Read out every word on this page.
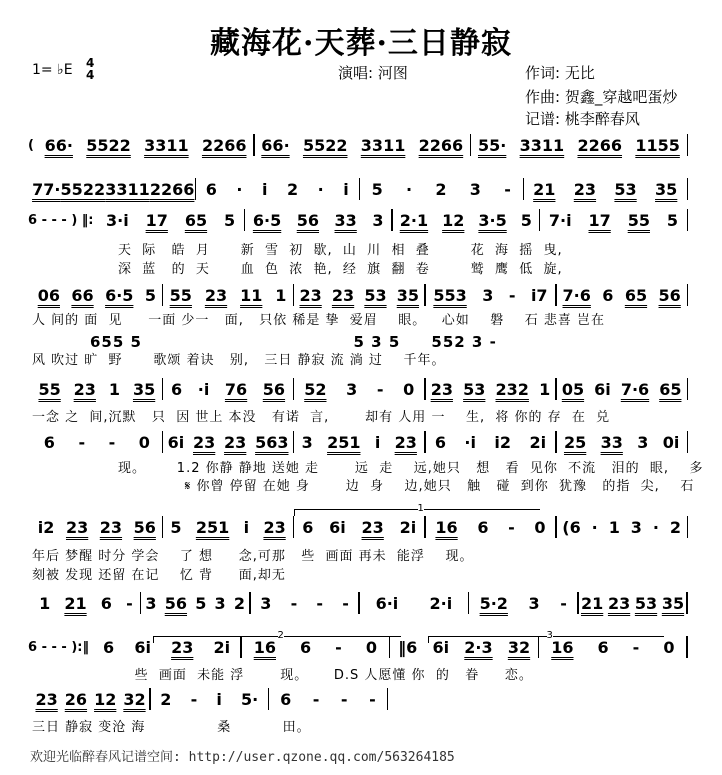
藏海花·天葬·三日静寂
1= ♭E 4
4	演唱: 河图	作词: 无比
作曲: 贺鑫_穿越吧蛋炒
记谱: 桃李醉春风
1
2	3
( 66· 5522 3311 2266 66· 5522 3311 2266 55· 3311 2266 1155
77· 5522 3311 2266 6 · i 2 · i 5 · 2 3 - 21 23 53 35
6 - - - ) ‖: 3·i 17 65 5 6·5 56 33 3 2·1 12 3·5 5 7·i 17 55 5
天  际   皓  月      新  雪  初  歇,  山  川  相  叠        花  海  摇  曳,
深  蓝   的  天      血  色  浓  艳,  经  旗  翻  卷        鹫  鹰  低  旋,
06 66 6·5 5 55 23 11 1 23 23 53 35 553 3 - i7 7·6 6 65 56
人 间的 面  见     一面 少一   面,   只依 稀是 挚  爱眉    眼。   心如    磐    石 悲喜 岂在
655 5                                  5 3 5     552 3 -
风 吹过 旷  野      歌颂 着诀   别,   三日 静寂 流 淌 过    千年。
55 23 1 35 6 ·i 76 56 52 3 - 0 23 53 232 1 05 6i 7·6 65
一念 之  间,沉默   只  因 世上 本没   有诺  言,       却有 人用 一    生,  将 你的 存  在  兑
6 - - 0 6i 23 23 563 3 251 i 23 6 ·i i2 2i 25 33 3 0i
现。      1.2 你静 静地 送她 走       远  走    远,她只   想   看  见你  不流   泪的  眼,    多
𝄋 你曾 停留 在她 身       边  身    边,她只   触   碰  到你  犹豫   的指  尖,    石
i2 23 23 56 5 251 i 23 6 6i 23 2i 16 6 - 0 (6 · 1 3 · 2
年后 梦醒 时分 学会    了 想     念,可那   些  画面 再未  能浮    现。
刻被 发现 还留 在记    忆 背     面,却无
1 21 6 - 3 56 5 3 2 3 - - - 6·i 2·i 5·2 3 - 21 23 53 35
6 - - - ):‖ 6 6i 23 2i 16 6 - 0 ‖6 6i 2·3 32 16 6 - 0
些  画面  未能 浮       现。     D.S 人愿懂 你  的   眷     恋。
23 26 12 32 2 - i 5· 6 - - -
三日 静寂 变沧 海              桑          田。
欢迎光临醉春风记谱空间: http://user.qzone.qq.com/563264185
